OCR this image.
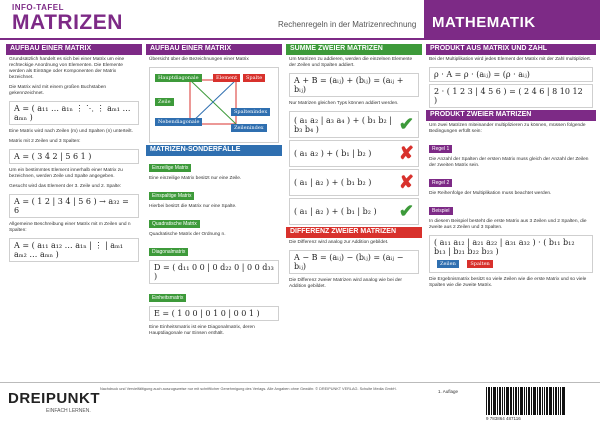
INFO-TAFEL
MATRIZEN	Rechenregeln in der Matrizenrechnung MATHEMATIK
AUFBAU EINER MATRIX
Grundsätzlich handelt es sich bei einer Matrix um eine rechteckige Anordnung von Elementen. Die Elemente werden als Einträge oder Komponenten der Matrix bezeichnet.
Die Matrix wird mit einem großen Buchstaben gekennzeichnet.
A = ( a₁₁ … a₁ₙ ⋮ ⋱ ⋮ aₘ₁ … aₘₙ )
Eine Matrix wird nach Zeilen (m) und Spalten (n) unterteilt.
Matrix mit 2 Zeilen und 3 Spalten:
A = ( 3 4 2 | 5 6 1 )
Um ein bestimmtes Element innerhalb einer Matrix zu bezeichnen, werden Zeile und Spalte angegeben.
Gesucht wird das Element der 3. Zeile und 2. Spalte:
A = ( 1 2 | 3 4 | 5 6 ) → a₃₂ = 6
Allgemeine Beschreibung einer Matrix mit m Zeilen und n Spalten:
A = ( a₁₁ a₁₂ … a₁ₙ | ⋮ | aₘ₁ aₘ₂ … aₘₙ )
AUFBAU EINER MATRIX
Übersicht über die Bezeichnungen einer Matrix
Hauptdiagonale	Element	Spalte
Zeile
Nebendiagonale
Spaltenindex
Zeilenindex
MATRIZEN-SONDERFÄLLE
Einzeilige Matrix
Eine einzeilige Matrix besitzt nur eine Zeile.
Einspaltige Matrix
Hierbei besitzt die Matrix nur eine Spalte.
Quadratische Matrix
Quadratische Matrix der Ordnung n.
Diagonalmatrix
D = ( d₁₁ 0 0 | 0 d₂₂ 0 | 0 0 d₃₃ )
Einheitsmatrix
E = ( 1 0 0 | 0 1 0 | 0 0 1 )
Eine Einheitsmatrix ist eine Diagonalmatrix, deren Hauptdiagonale nur Einsen enthält.
SUMME ZWEIER MATRIZEN
Um Matrizen zu addieren, werden die einzelnen Elemente der Zeilen und Spalten addiert.
A + B = (aᵢⱼ) + (bᵢⱼ) = (aᵢⱼ + bᵢⱼ)
Nur Matrizen gleichen Typs können addiert werden.
( a₁ a₂ | a₃ a₄ ) + ( b₁ b₂ | b₃ b₄ )	✔
( a₁ a₂ ) + ( b₁ | b₂ ) ✘
( a₁ | a₂ ) + ( b₁ b₂ ) ✘
( a₁ | a₂ ) + ( b₁ | b₂ ) ✔
DIFFERENZ ZWEIER MATRIZEN
Die Differenz wird analog zur Addition gebildet.
A − B = (aᵢⱼ) − (bᵢⱼ) = (aᵢⱼ − bᵢⱼ)
Die Differenz zweier Matrizen wird analog wie bei der Addition gebildet.
PRODUKT AUS MATRIX UND ZAHL
Bei der Multiplikation wird jedes Element der Matrix mit der Zahl multipliziert.
ρ · A = ρ · (aᵢⱼ) = (ρ · aᵢⱼ)
2 · ( 1 2 3 | 4 5 6 ) = ( 2 4 6 | 8 10 12 )
PRODUKT ZWEIER MATRIZEN
Um zwei Matrizen miteinander multiplizieren zu können, müssen folgende Bedingungen erfüllt sein:
Regel 1
Die Anzahl der Spalten der ersten Matrix muss gleich der Anzahl der Zeilen der zweiten Matrix sein.
Regel 2
Die Reihenfolge der Multiplikation muss beachtet werden.
Beispiel
In diesem Beispiel besteht die erste Matrix aus 3 Zeilen und 2 Spalten, die zweite aus 2 Zeilen und 3 Spalten.
( a₁₁ a₁₂ | a₂₁ a₂₂ | a₃₁ a₃₂ ) · ( b₁₁ b₁₂ b₁₃ | b₂₁ b₂₂ b₂₃ )
Zeilen	Spalten
Die Ergebnismatrix besitzt so viele Zeilen wie die erste Matrix und so viele Spalten wie die zweite Matrix.
DREIPUNKT
EINFACH LERNEN.
Nachdruck und Vervielfältigung auch auszugsweise nur mit schriftlicher Genehmigung des Verlags. Alle Angaben ohne Gewähr. © DREIPUNKT VERLAG. Schulte Media GmbH.	1. Auflage
9 783864 487116
